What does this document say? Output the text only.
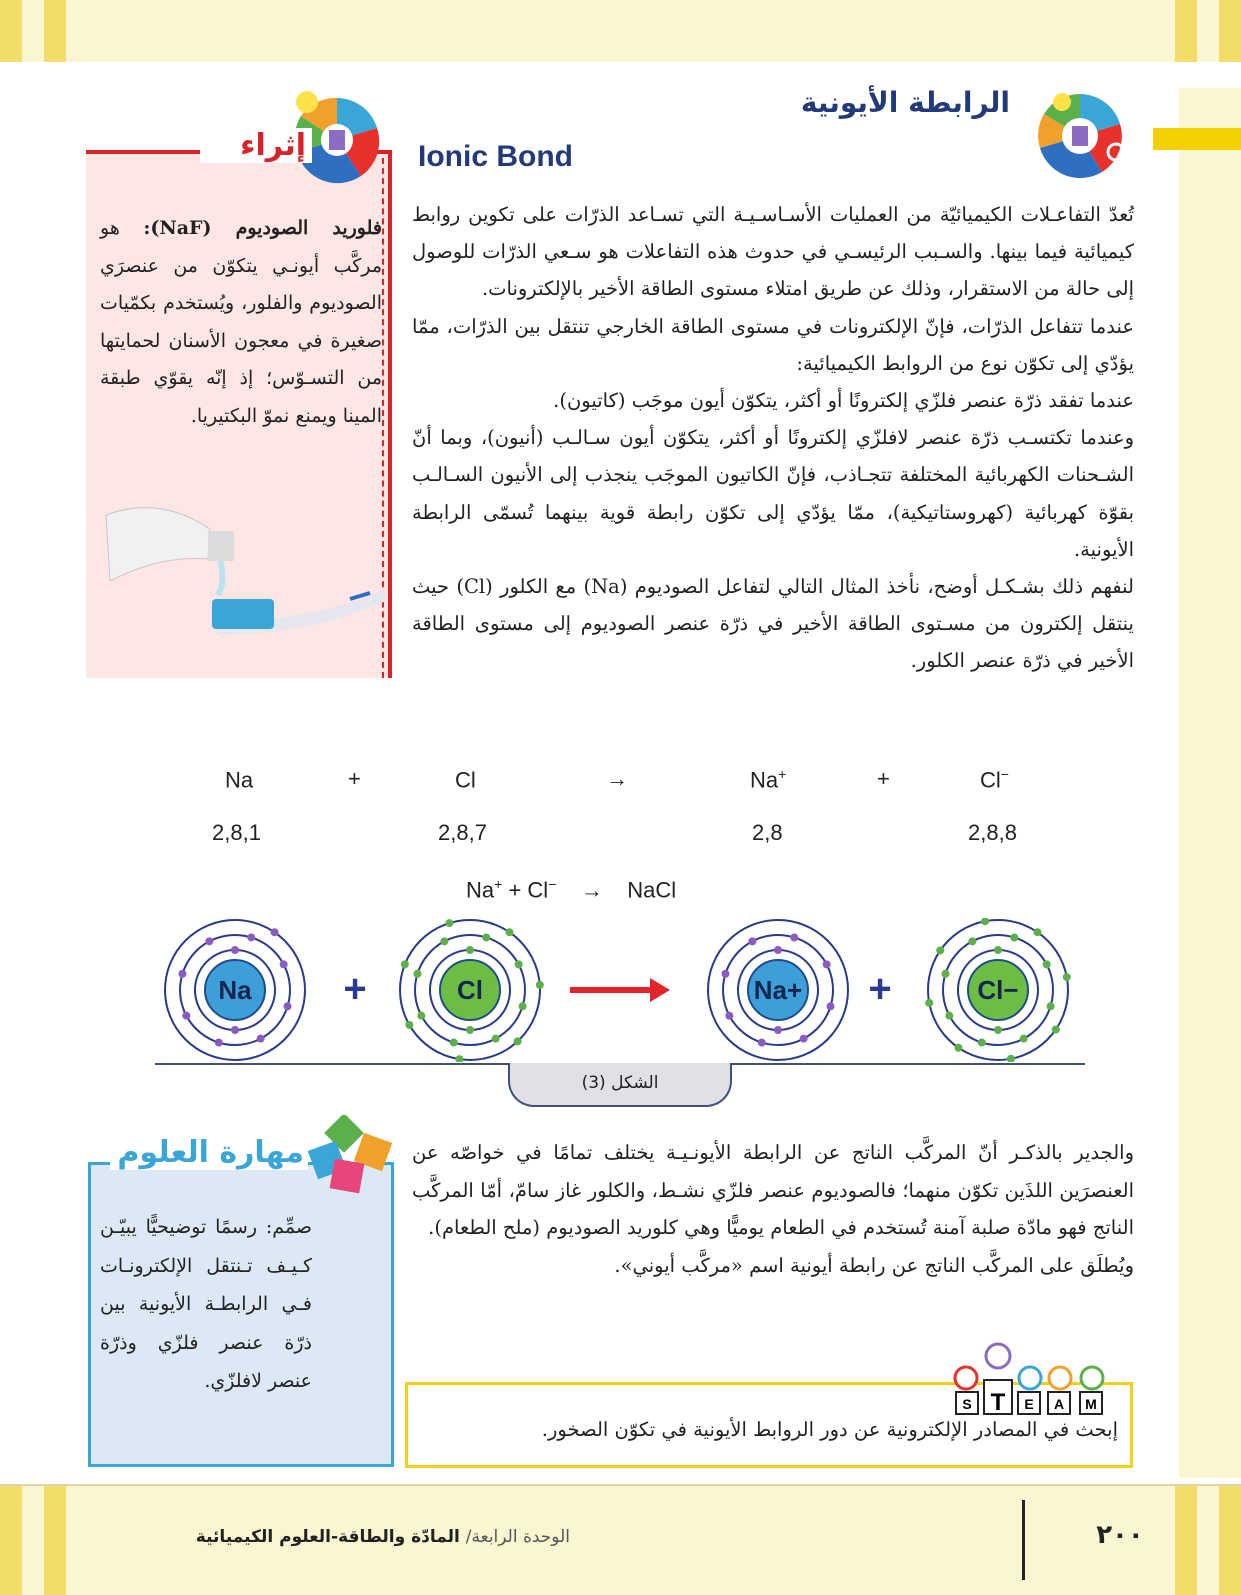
الرابطة الأيونية
Ionic Bond
إثراء
فلوريد الصوديوم (NaF): هو مركَّب أيونـي يتكوّن من عنصرَي الصوديوم والفلور، ويُستخدم بكمّيات صغيرة في معجون الأسنان لحمايتها من التسـوّس؛ إذ إنّه يقوّي طبقة المينا ويمنع نموّ البكتيريا.

تُعدّ التفاعـلات الكيميائيّة من العمليات الأسـاسـيـة التي تسـاعد الذرّات على تكوين روابط كيميائية فيما بينها. والسـبب الرئيسـي في حدوث هذه التفاعلات هو سـعي الذرّات للوصول إلى حالة من الاستقرار، وذلك عن طريق امتلاء مستوى الطاقة الأخير بالإلكترونات.

عندما تتفاعل الذرّات، فإنّ الإلكترونات في مستوى الطاقة الخارجي تنتقل بين الذرّات، ممّا يؤدّي إلى تكوّن نوع من الروابط الكيميائية:

عندما تفقد ذرّة عنصر فلزّي إلكترونًا أو أكثر، يتكوّن أيون موجَب (كاتيون).

وعندما تكتسـب ذرّة عنصر لافلزّي إلكترونًا أو أكثر، يتكوّن أيون سـالـب (أنيون)، وبما أنّ الشـحنات الكهربائية المختلفة تتجـاذب، فإنّ الكاتيون الموجَب ينجذب إلى الأنيون السـالـب بقوّة كهربائية (كهروستاتيكية)، ممّا يؤدّي إلى تكوّن رابطة قوية بينهما تُسمّى الرابطة الأيونية.

لنفهم ذلك بشـكـل أوضح، نأخذ المثال التالي لتفاعل الصوديوم (Na) مع الكلور (Cl) حيث ينتقل إلكترون من مسـتوى الطاقة الأخير في ذرّة عنصر الصوديوم إلى مستوى الطاقة الأخير في ذرّة عنصر الكلور.

Na	+	Cl	→	Na+	+	Cl−
2,8,1	2,8,7	2,8	2,8,8
Na+ + Cl− → NaCl
Na	Cl	Na+	Cl−
+	+
الشكل (3)
مهارة العلوم
صمِّم: رسمًا توضيحيًّا يبيّـن كـيـف تـنتقل الإلكترونـات فـي الرابطـة الأيونية بين ذرّة عنصر فلزّي وذرّة عنصر لافلزّي.

والجدير بالذكـر أنّ المركَّب الناتج عن الرابطة الأيونـيـة يختلف تمامًا في خواصّه عن العنصرَين اللذَين تكوّن منهما؛ فالصوديوم عنصر فلزّي نشـط، والكلور غاز سامّ، أمّا المركَّب الناتج فهو مادّة صلبة آمنة تُستخدم في الطعام يوميًّا وهي كلوريد الصوديوم (ملح الطعام).

ويُطلَق على المركَّب الناتج عن رابطة أيونية اسم «مركَّب أيوني».

S T E A M
إبحث في المصادر الإلكترونية عن دور الروابط الأيونية في تكوّن الصخور.
الوحدة الرابعة/ المادّة والطاقة-العلوم الكيميائية	٢٠٠
